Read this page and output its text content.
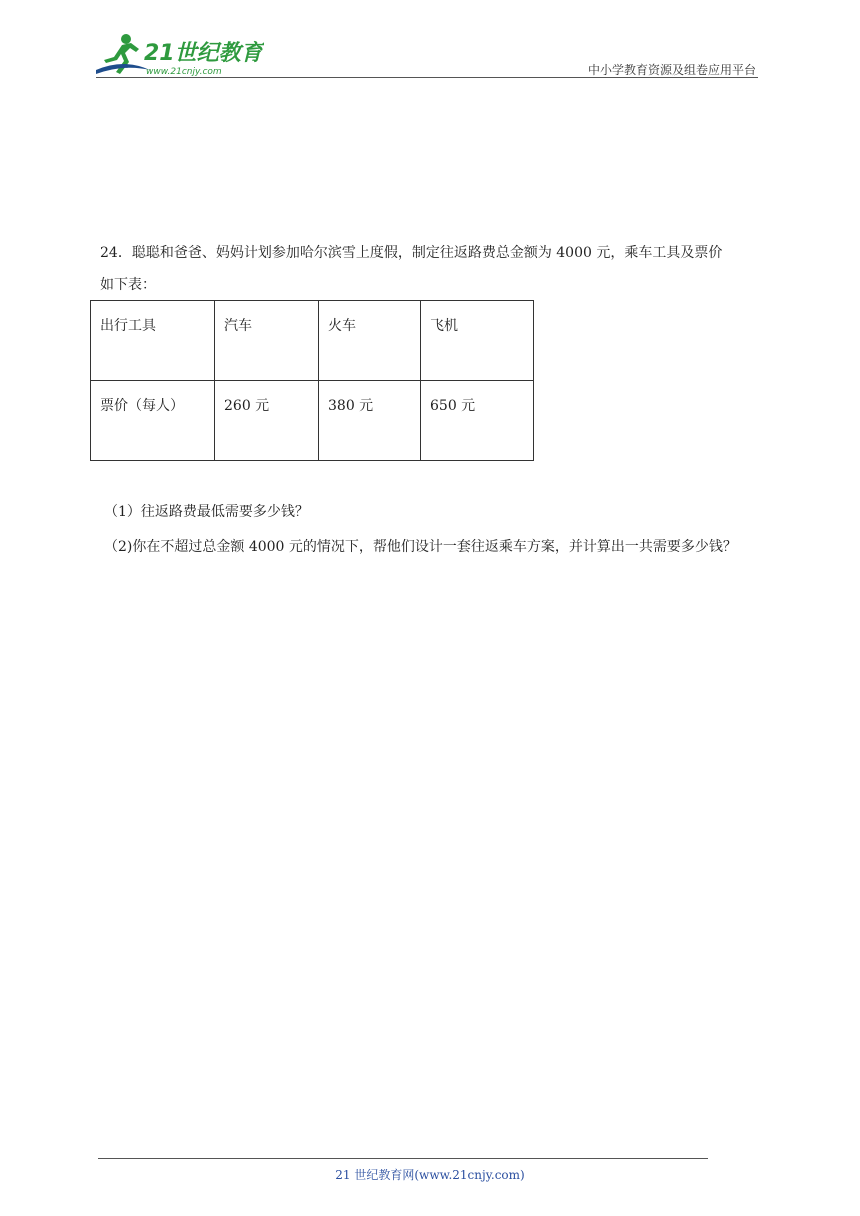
21世纪教育
www.21cnjy.com	中小学教育资源及组卷应用平台
24．聪聪和爸爸、妈妈计划参加哈尔滨雪上度假，制定往返路费总金额为 4000 元，乘车工具及票价
如下表：
出行工具	汽车	火车	飞机
票价（每人）	260 元	380 元	650 元
（1）往返路费最低需要多少钱？
（2)你在不超过总金额 4000 元的情况下，帮他们设计一套往返乘车方案，并计算出一共需要多少钱？
21 世纪教育网(www.21cnjy.com)
